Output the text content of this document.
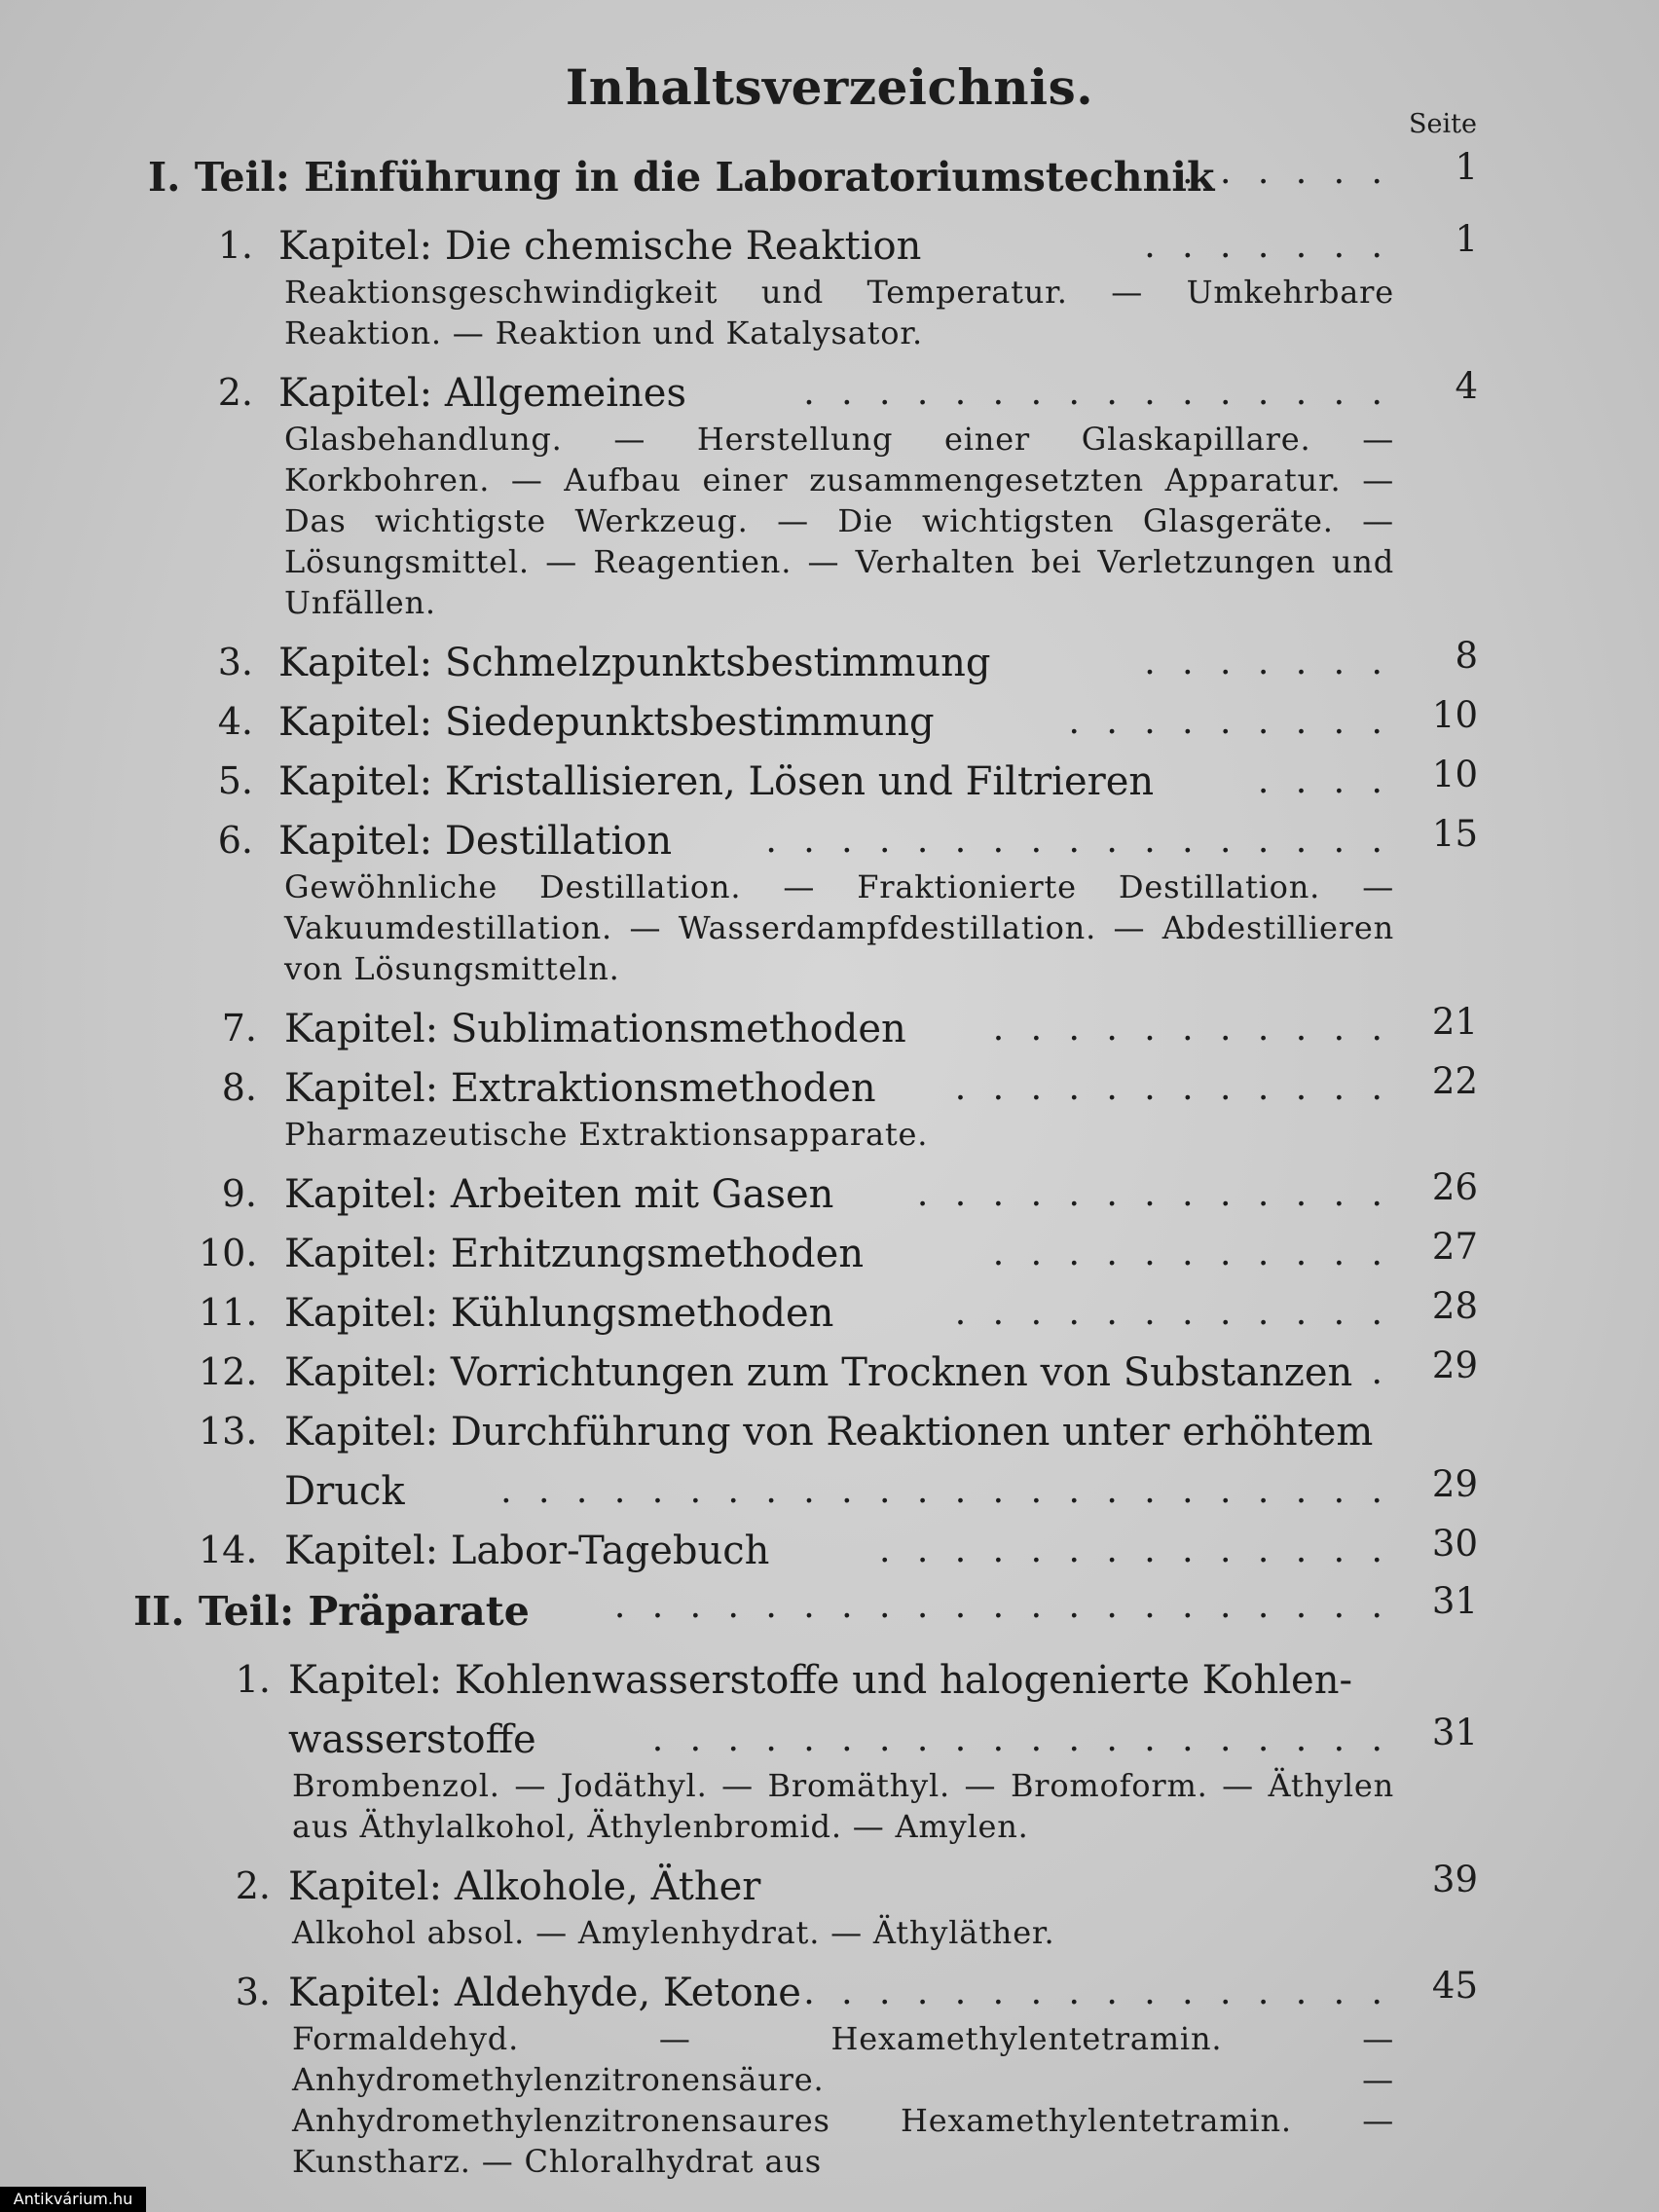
Inhaltsverzeichnis.
Seite
I. Teil: Einführung in die Laboratoriumstechnik
. . . . . .	1
1. Kapitel: Die chemische Reaktion	. . . . . . .	1
Reaktionsgeschwindigkeit und Temperatur. — Umkehrbare Reaktion. — Reaktion und Katalysator.
2. Kapitel: Allgemeines	. . . . . . . . . . . . . . . .	4
Glasbehandlung. — Herstellung einer Glaskapillare. — Korkbohren. — Aufbau einer zusammengesetzten Apparatur. — Das wichtigste Werkzeug. — Die wichtigsten Glasgeräte. — Lösungsmittel. — Reagentien. — Verhalten bei Verletzungen und Unfällen.
3. Kapitel: Schmelzpunktsbestimmung	. . . . . . .	8
4. Kapitel: Siedepunktsbestimmung	. . . . . . . . .	10
5. Kapitel: Kristallisieren, Lösen und Filtrieren	. . . .	10
6. Kapitel: Destillation	. . . . . . . . . . . . . . . . .	15
Gewöhnliche Destillation. — Fraktionierte Destillation. — Vakuumdestillation. — Wasserdampfdestillation. — Abdestillieren von Lösungsmitteln.
7. Kapitel: Sublimationsmethoden . . . . . . . . . . .	21
8. Kapitel: Extraktionsmethoden . . . . . . . . . . . .	22
Pharmazeutische Extraktionsapparate.
9. Kapitel: Arbeiten mit Gasen . . . . . . . . . . . . .	26
10. Kapitel: Erhitzungsmethoden	. . . . . . . . . . .	27
11. Kapitel: Kühlungsmethoden	. . . . . . . . . . . .	28
12. Kapitel: Vorrichtungen zum Trocknen von Substanzen .	29
13. Kapitel: Durchführung von Reaktionen unter erhöhtem
Druck	. . . . . . . . . . . . . . . . . . . . . . . .	29
14. Kapitel: Labor-Tagebuch	. . . . . . . . . . . . . .	30
II. Teil: Präparate . . . . . . . . . . . . . . . . . . . . .	31
1. Kapitel: Kohlenwasserstoffe und halogenierte Kohlen-
wasserstoffe	. . . . . . . . . . . . . . . . . . . .	31
Brombenzol. — Jodäthyl. — Bromäthyl. — Bromoform. — Äthylen aus Äthylalkohol, Äthylenbromid. — Amylen.
2. Kapitel: Alkohole, Äther	39
Alkohol absol. — Amylenhydrat. — Äthyläther.
3. Kapitel: Aldehyde, Ketone
. . . . . . . . . . . . . . . . .	45
Formaldehyd. — Hexamethylentetramin. — Anhydromethylenzitronensäure. — Anhydromethylenzitronensaures Hexamethylentetramin. — Kunstharz. — Chloralhydrat aus
Antikvárium.hu
